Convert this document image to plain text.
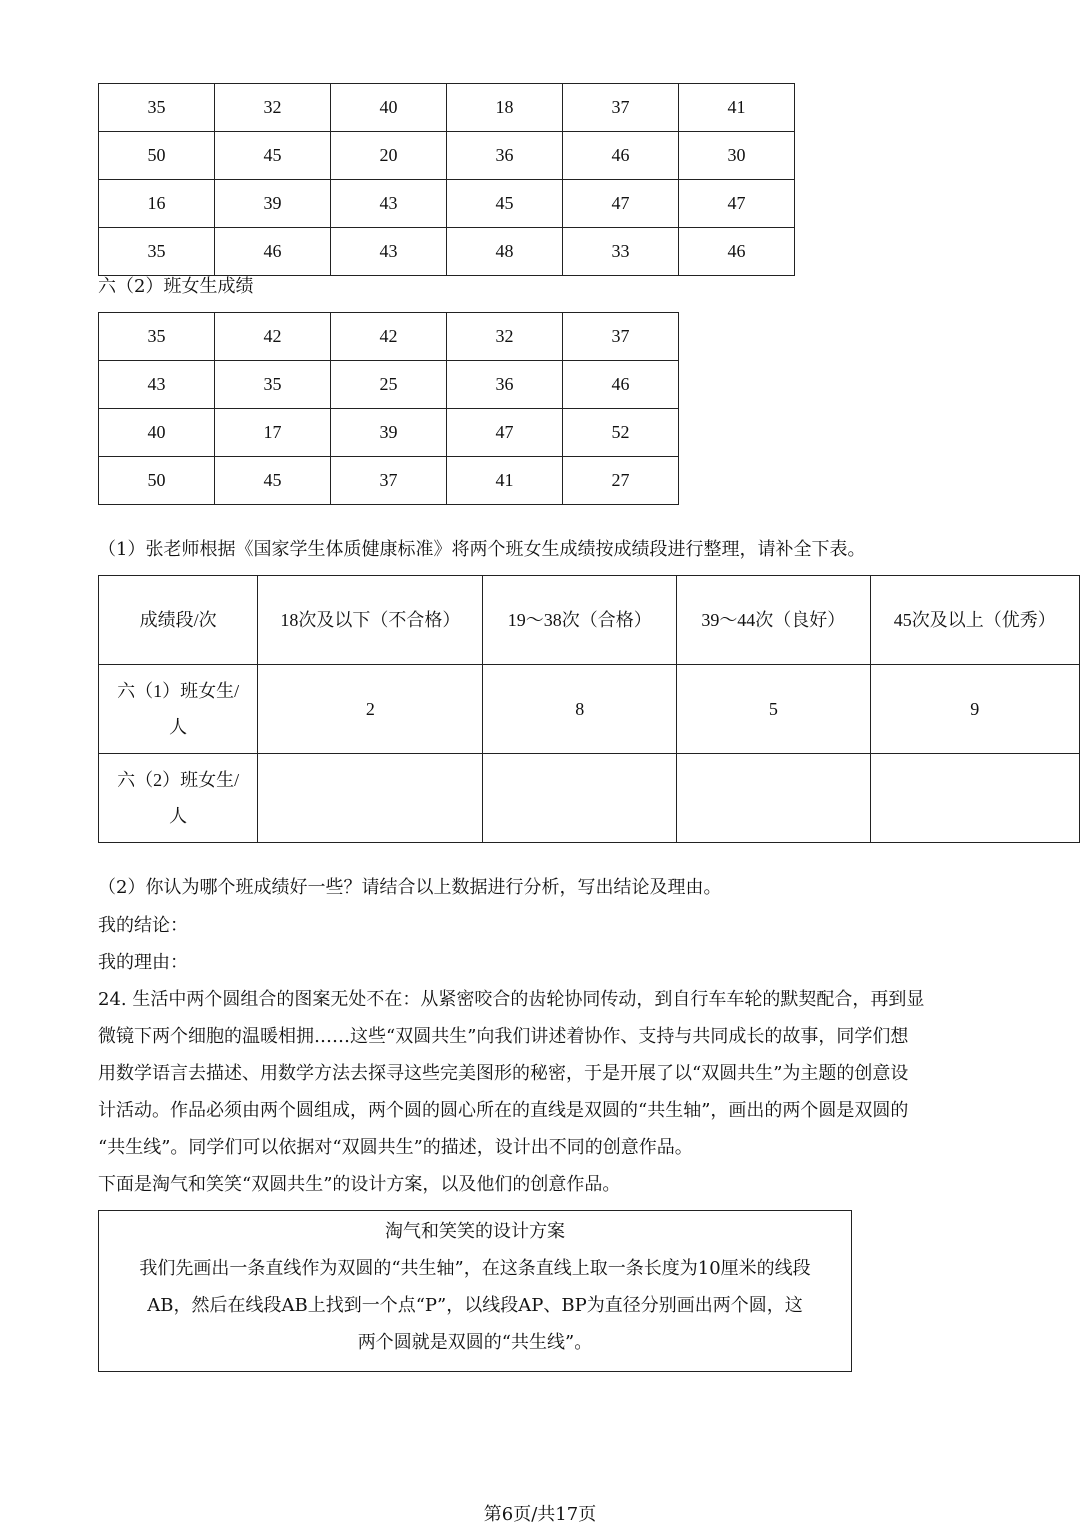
35	32	40	18	37	41
50	45	20	36	46	30
16	39	43	45	47	47
35	46	43	48	33	46
六（2）班女生成绩
35	42	42	32	37
43	35	25	36	46
40	17	39	47	52
50	45	37	41	27
（1）张老师根据《国家学生体质健康标准》将两个班女生成绩按成绩段进行整理，请补全下表。
成绩段/次	18次及以下（不合格）	19～38次（合格）	39～44次（良好）	45次及以上（优秀）
六（1）班女生/人	2	8	5	9
六（2）班女生/人				
（2）你认为哪个班成绩好一些？请结合以上数据进行分析，写出结论及理由。
我的结论：
我的理由：
24. 生活中两个圆组合的图案无处不在：从紧密咬合的齿轮协同传动，到自行车车轮的默契配合，再到显
微镜下两个细胞的温暖相拥……这些“双圆共生”向我们讲述着协作、支持与共同成长的故事，同学们想
用数学语言去描述、用数学方法去探寻这些完美图形的秘密，于是开展了以“双圆共生”为主题的创意设
计活动。作品必须由两个圆组成，两个圆的圆心所在的直线是双圆的“共生轴”，画出的两个圆是双圆的
“共生线”。同学们可以依据对“双圆共生”的描述，设计出不同的创意作品。
下面是淘气和笑笑“双圆共生”的设计方案，以及他们的创意作品。
淘气和笑笑的设计方案
我们先画出一条直线作为双圆的“共生轴”，在这条直线上取一条长度为10厘米的线段
AB，然后在线段AB上找到一个点“P”，以线段AP、BP为直径分别画出两个圆，这
两个圆就是双圆的“共生线”。
第6页/共17页
